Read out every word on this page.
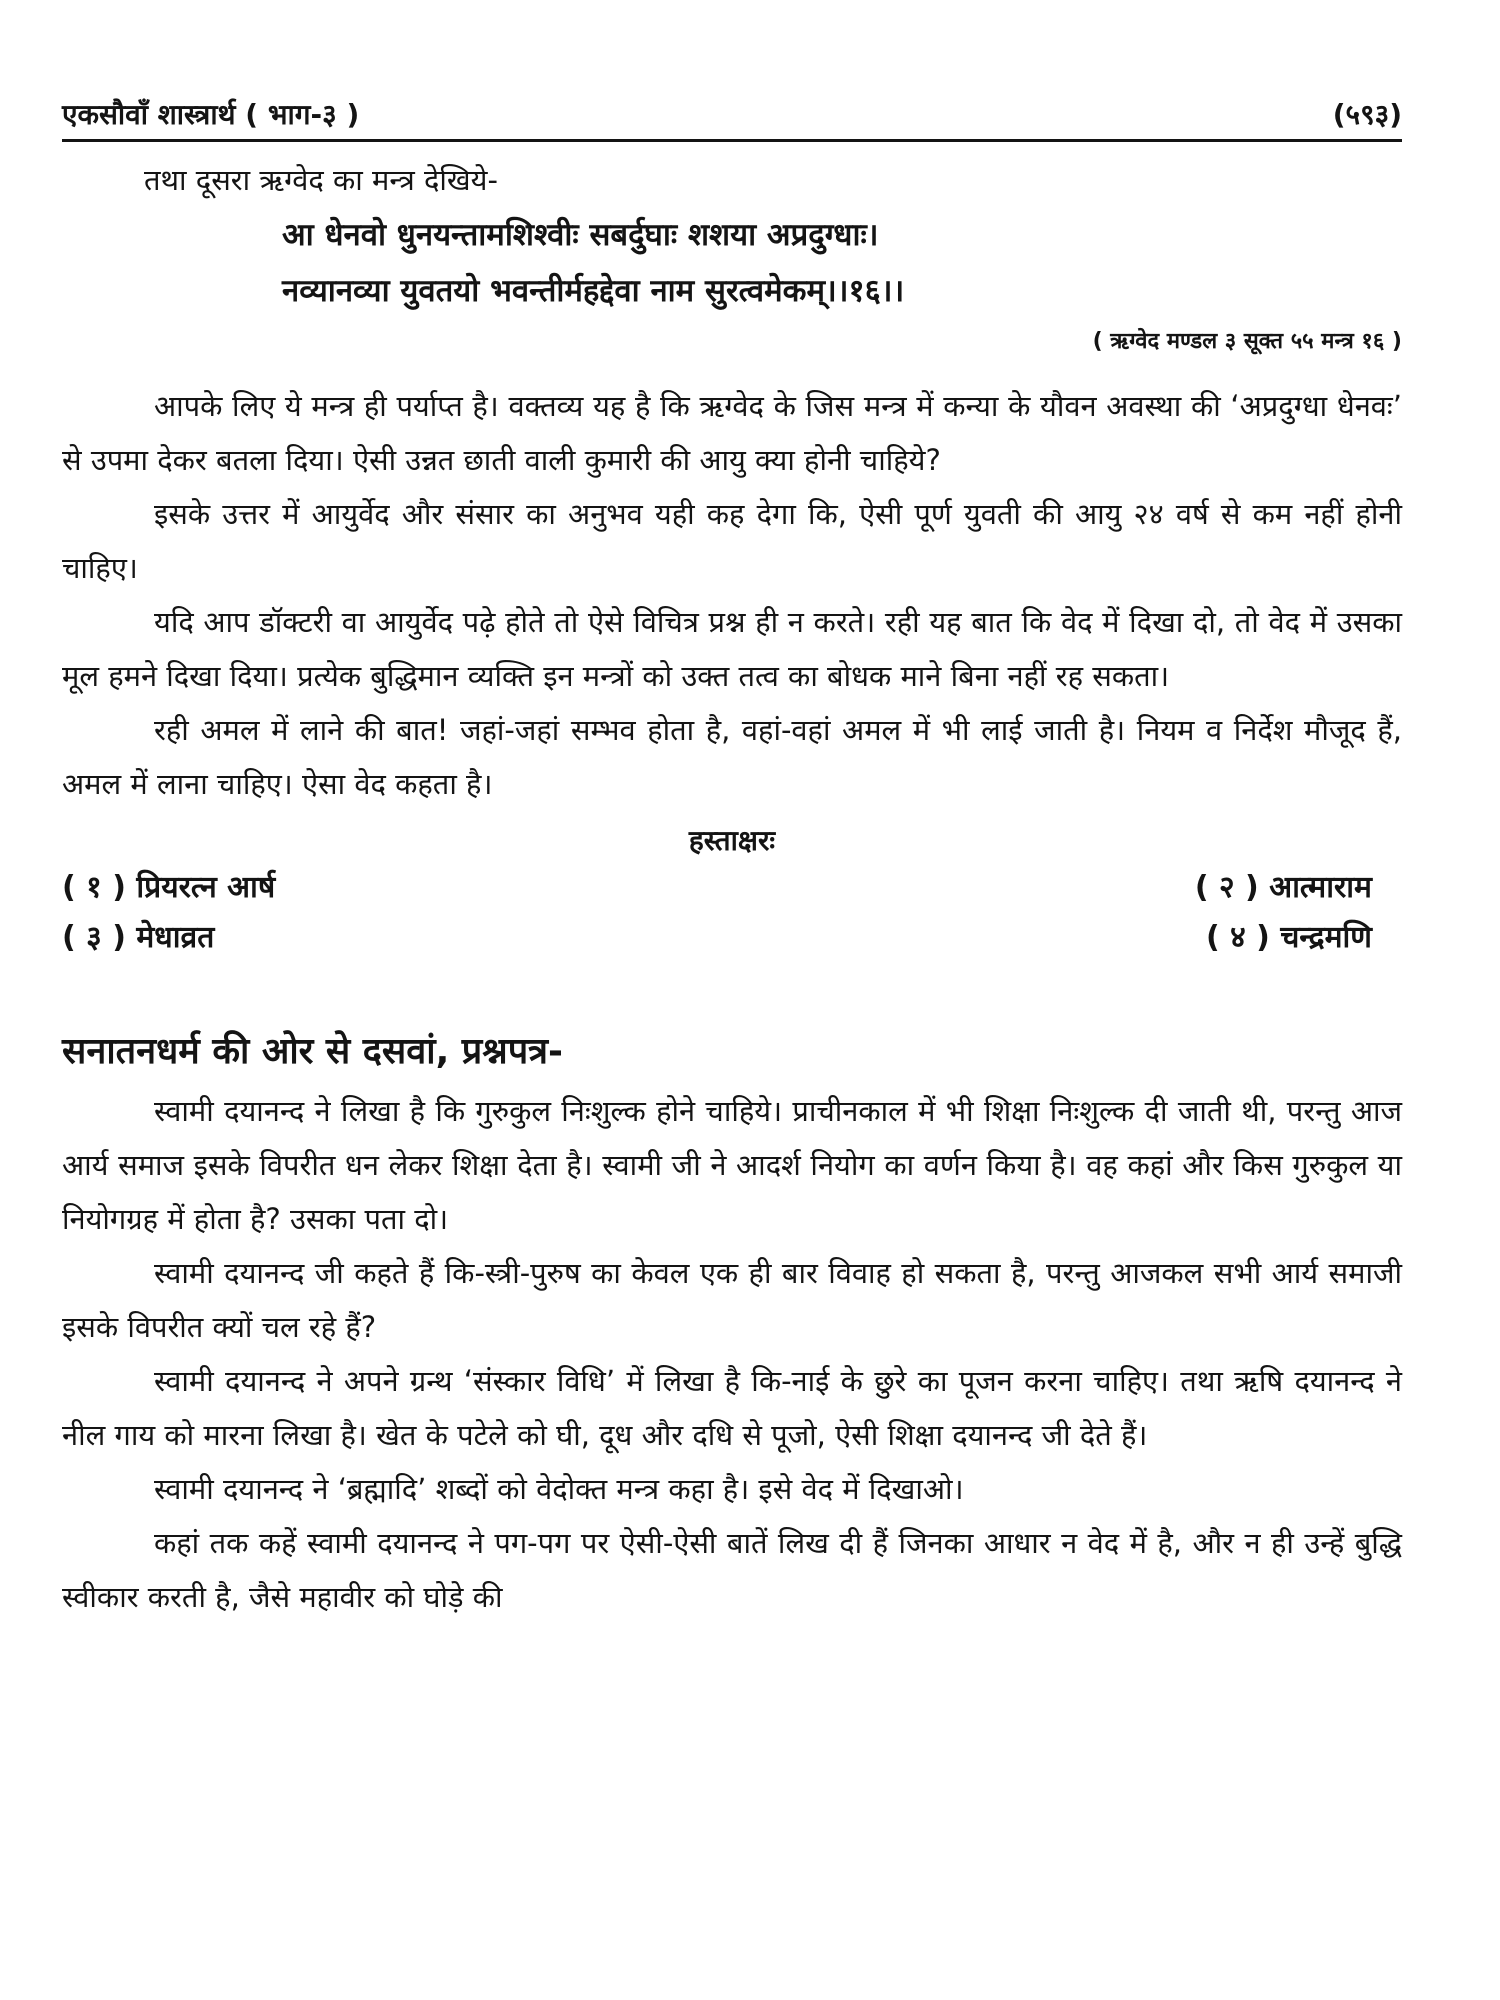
एकसौवाँ शास्त्रार्थ ( भाग-३ )	(५९३)
तथा दूसरा ऋग्वेद का मन्त्र देखिये-
आ धेनवो धुनयन्तामशिश्वीः सबर्दुघाः शशया अप्रदुग्धाः।
नव्यानव्या युवतयो भवन्तीर्महद्देवा नाम सुरत्वमेकम्।।१६।।
( ऋग्वेद मण्डल ३ सूक्त ५५ मन्त्र १६ )

आपके लिए ये मन्त्र ही पर्याप्त है। वक्तव्य यह है कि ऋग्वेद के जिस मन्त्र में कन्या के यौवन अवस्था की ‘अप्रदुग्धा धेनवः’ से उपमा देकर बतला दिया। ऐसी उन्नत छाती वाली कुमारी की आयु क्या होनी चाहिये?

इसके उत्तर में आयुर्वेद और संसार का अनुभव यही कह देगा कि, ऐसी पूर्ण युवती की आयु २४ वर्ष से कम नहीं होनी चाहिए।

यदि आप डॉक्टरी वा आयुर्वेद पढ़े होते तो ऐसे विचित्र प्रश्न ही न करते। रही यह बात कि वेद में दिखा दो, तो वेद में उसका मूल हमने दिखा दिया। प्रत्येक बुद्धिमान व्यक्ति इन मन्त्रों को उक्त तत्व का बोधक माने बिना नहीं रह सकता।

रही अमल में लाने की बात! जहां-जहां सम्भव होता है, वहां-वहां अमल में भी लाई जाती है। नियम व निर्देश मौजूद हैं, अमल में लाना चाहिए। ऐसा वेद कहता है।

हस्ताक्षरः
( १ ) प्रियरत्न आर्ष	( २ ) आत्माराम
( ३ ) मेधाव्रत	( ४ ) चन्द्रमणि
सनातनधर्म की ओर से दसवां, प्रश्नपत्र-

स्वामी दयानन्द ने लिखा है कि गुरुकुल निःशुल्क होने चाहिये। प्राचीनकाल में भी शिक्षा निःशुल्क दी जाती थी, परन्तु आज आर्य समाज इसके विपरीत धन लेकर शिक्षा देता है। स्वामी जी ने आदर्श नियोग का वर्णन किया है। वह कहां और किस गुरुकुल या नियोगग्रह में होता है? उसका पता दो।

स्वामी दयानन्द जी कहते हैं कि-स्त्री-पुरुष का केवल एक ही बार विवाह हो सकता है, परन्तु आजकल सभी आर्य समाजी इसके विपरीत क्यों चल रहे हैं?

स्वामी दयानन्द ने अपने ग्रन्थ ‘संस्कार विधि’ में लिखा है कि-नाई के छुरे का पूजन करना चाहिए। तथा ऋषि दयानन्द ने नील गाय को मारना लिखा है। खेत के पटेले को घी, दूध और दधि से पूजो, ऐसी शिक्षा दयानन्द जी देते हैं।

स्वामी दयानन्द ने ‘ब्रह्मादि’ शब्दों को वेदोक्त मन्त्र कहा है। इसे वेद में दिखाओ।

कहां तक कहें स्वामी दयानन्द ने पग-पग पर ऐसी-ऐसी बातें लिख दी हैं जिनका आधार न वेद में है, और न ही उन्हें बुद्धि स्वीकार करती है, जैसे महावीर को घोड़े की
